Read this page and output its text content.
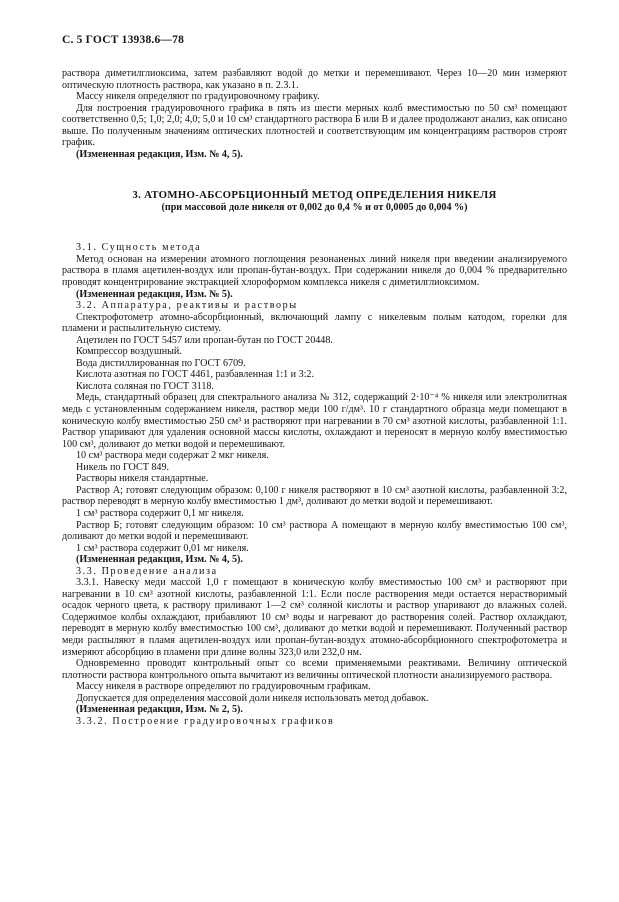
С. 5 ГОСТ 13938.6—78

раствора диметилглиоксима, затем разбавляют водой до метки и перемешивают. Через 10—20 мин измеряют оптическую плотность раствора, как указано в п. 2.3.1.

Массу никеля определяют по градуировочному графику.

Для построения градуировочного графика в пять из шести мерных колб вместимостью по 50 см³ помещают соответственно 0,5; 1,0; 2,0; 4,0; 5,0 и 10 см³ стандартного раствора Б или В и далее продолжают анализ, как описано выше. По полученным значениям оптических плотностей и соответствующим им концентрациям растворов строят график.

(Измененная редакция, Изм. № 4, 5).

3. АТОМНО-АБСОРБЦИОННЫЙ МЕТОД ОПРЕДЕЛЕНИЯ НИКЕЛЯ
(при массовой доле никеля от 0,002 до 0,4 % и от 0,0005 до 0,004 %)

3.1. Сущность метода

Метод основан на измерении атомного поглощения резонаненых линий никеля при введении анализируемого раствора в пламя ацетилен-воздух или пропан-бутан-воздух. При содержании никеля до 0,004 % предварительно проводят концентрирование экстракцией хлороформом комплекса никеля с диметилглиоксимом.

(Измененная редакция, Изм. № 5).

3.2. Аппаратура, реактивы и растворы

Спектрофотометр атомно-абсорбционный, включающий лампу с никелевым полым катодом, горелки для пламени и распылительную систему.

Ацетилен по ГОСТ 5457 или пропан-бутан по ГОСТ 20448.

Компрессор воздушный.

Вода дистиллированная по ГОСТ 6709.

Кислота азотная по ГОСТ 4461, разбавленная 1:1 и 3:2.

Кислота соляная по ГОСТ 3118.

Медь, стандартный образец для спектрального анализа № 312, содержащий 2·10⁻⁴ % никеля или электролитная медь с установленным содержанием никеля, раствор меди 100 г/дм³. 10 г стандартного образца меди помещают в коническую колбу вместимостью 250 см³ и растворяют при нагревании в 70 см³ азотной кислоты, разбавленной 1:1. Раствор упаривают для удаления основной массы кислоты, охлаждают и переносят в мерную колбу вместимостью 100 см³, доливают до метки водой и перемешивают.

10 см³ раствора меди содержат 2 мкг никеля.

Никель по ГОСТ 849.

Растворы никеля стандартные.

Раствор А; готовят следующим образом: 0,100 г никеля растворяют в 10 см³ азотной кислоты, разбавленной 3:2, раствор переводят в мерную колбу вместимостью 1 дм³, доливают до метки водой и перемешивают.

1 см³ раствора содержит 0,1 мг никеля.

Раствор Б; готовят следующим образом: 10 см³ раствора А помещают в мерную колбу вместимостью 100 см³, доливают до метки водой и перемешивают.

1 см³ раствора содержит 0,01 мг никеля.

(Измененная редакция, Изм. № 4, 5).

3.3. Проведение анализа

3.3.1. Навеску меди массой 1,0 г помещают в коническую колбу вместимостью 100 см³ и растворяют при нагревании в 10 см³ азотной кислоты, разбавленной 1:1. Если после растворения меди остается нерастворимый осадок черного цвета, к раствору приливают 1—2 см³ соляной кислоты и раствор упаривают до влажных солей. Содержимое колбы охлаждают, прибавляют 10 см³ воды и нагревают до растворения солей. Раствор охлаждают, переводят в мерную колбу вместимостью 100 см³, доливают до метки водой и перемешивают. Полученный раствор меди распыляют в пламя ацетилен-воздух или пропан-бутан-воздух атомно-абсорбционного спектрофотометра и измеряют абсорбцию в пламени при длине волны 323,0 или 232,0 нм.

Одновременно проводят контрольный опыт со всеми применяемыми реактивами. Величину оптической плотности раствора контрольного опыта вычитают из величины оптической плотности анализируемого раствора.

Массу никеля в растворе определяют по градуировочным графикам.

Допускается для определения массовой доли никеля использовать метод добавок.

(Измененная редакция, Изм. № 2, 5).

3.3.2. Построение градуировочных графиков
